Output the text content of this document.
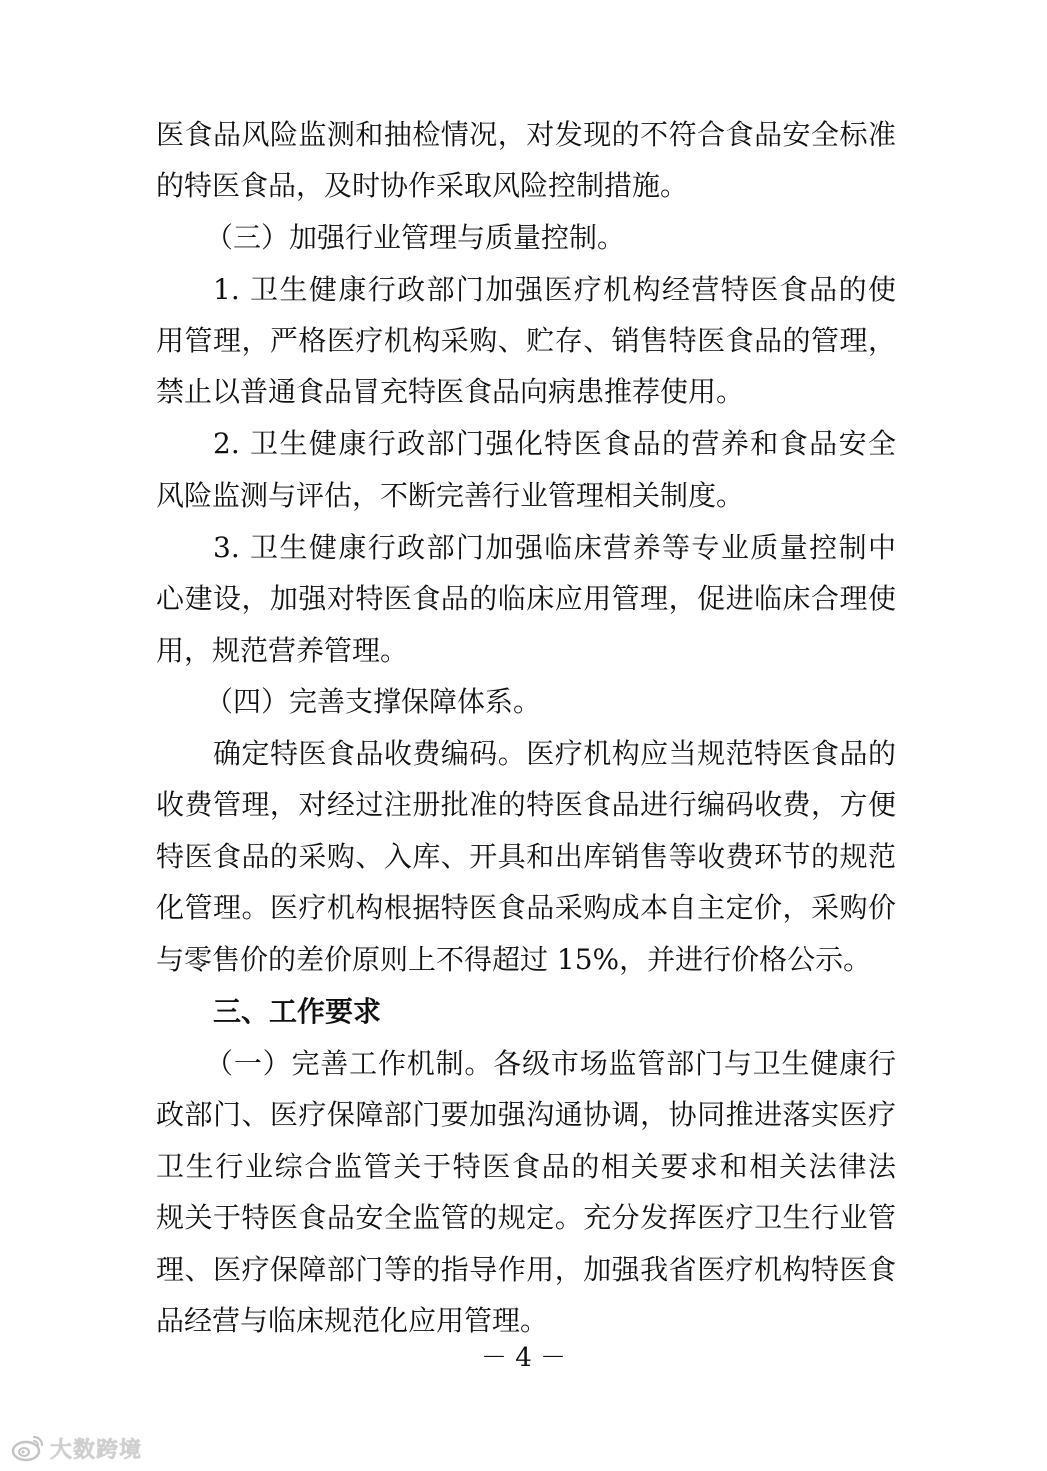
医食品风险监测和抽检情况，对发现的不符合食品安全标准
的特医食品，及时协作采取风险控制措施。
（三）加强行业管理与质量控制。
1. 卫生健康行政部门加强医疗机构经营特医食品的使
用管理，严格医疗机构采购、贮存、销售特医食品的管理，
禁止以普通食品冒充特医食品向病患推荐使用。
2. 卫生健康行政部门强化特医食品的营养和食品安全
风险监测与评估，不断完善行业管理相关制度。
3. 卫生健康行政部门加强临床营养等专业质量控制中
心建设，加强对特医食品的临床应用管理，促进临床合理使
用，规范营养管理。
（四）完善支撑保障体系。
确定特医食品收费编码。医疗机构应当规范特医食品的
收费管理，对经过注册批准的特医食品进行编码收费，方便
特医食品的采购、入库、开具和出库销售等收费环节的规范
化管理。医疗机构根据特医食品采购成本自主定价，采购价
与零售价的差价原则上不得超过 15%，并进行价格公示。
三、工作要求
（一）完善工作机制。各级市场监管部门与卫生健康行
政部门、医疗保障部门要加强沟通协调，协同推进落实医疗
卫生行业综合监管关于特医食品的相关要求和相关法律法
规关于特医食品安全监管的规定。充分发挥医疗卫生行业管
理、医疗保障部门等的指导作用，加强我省医疗机构特医食
品经营与临床规范化应用管理。
－ 4 －
大数跨境
